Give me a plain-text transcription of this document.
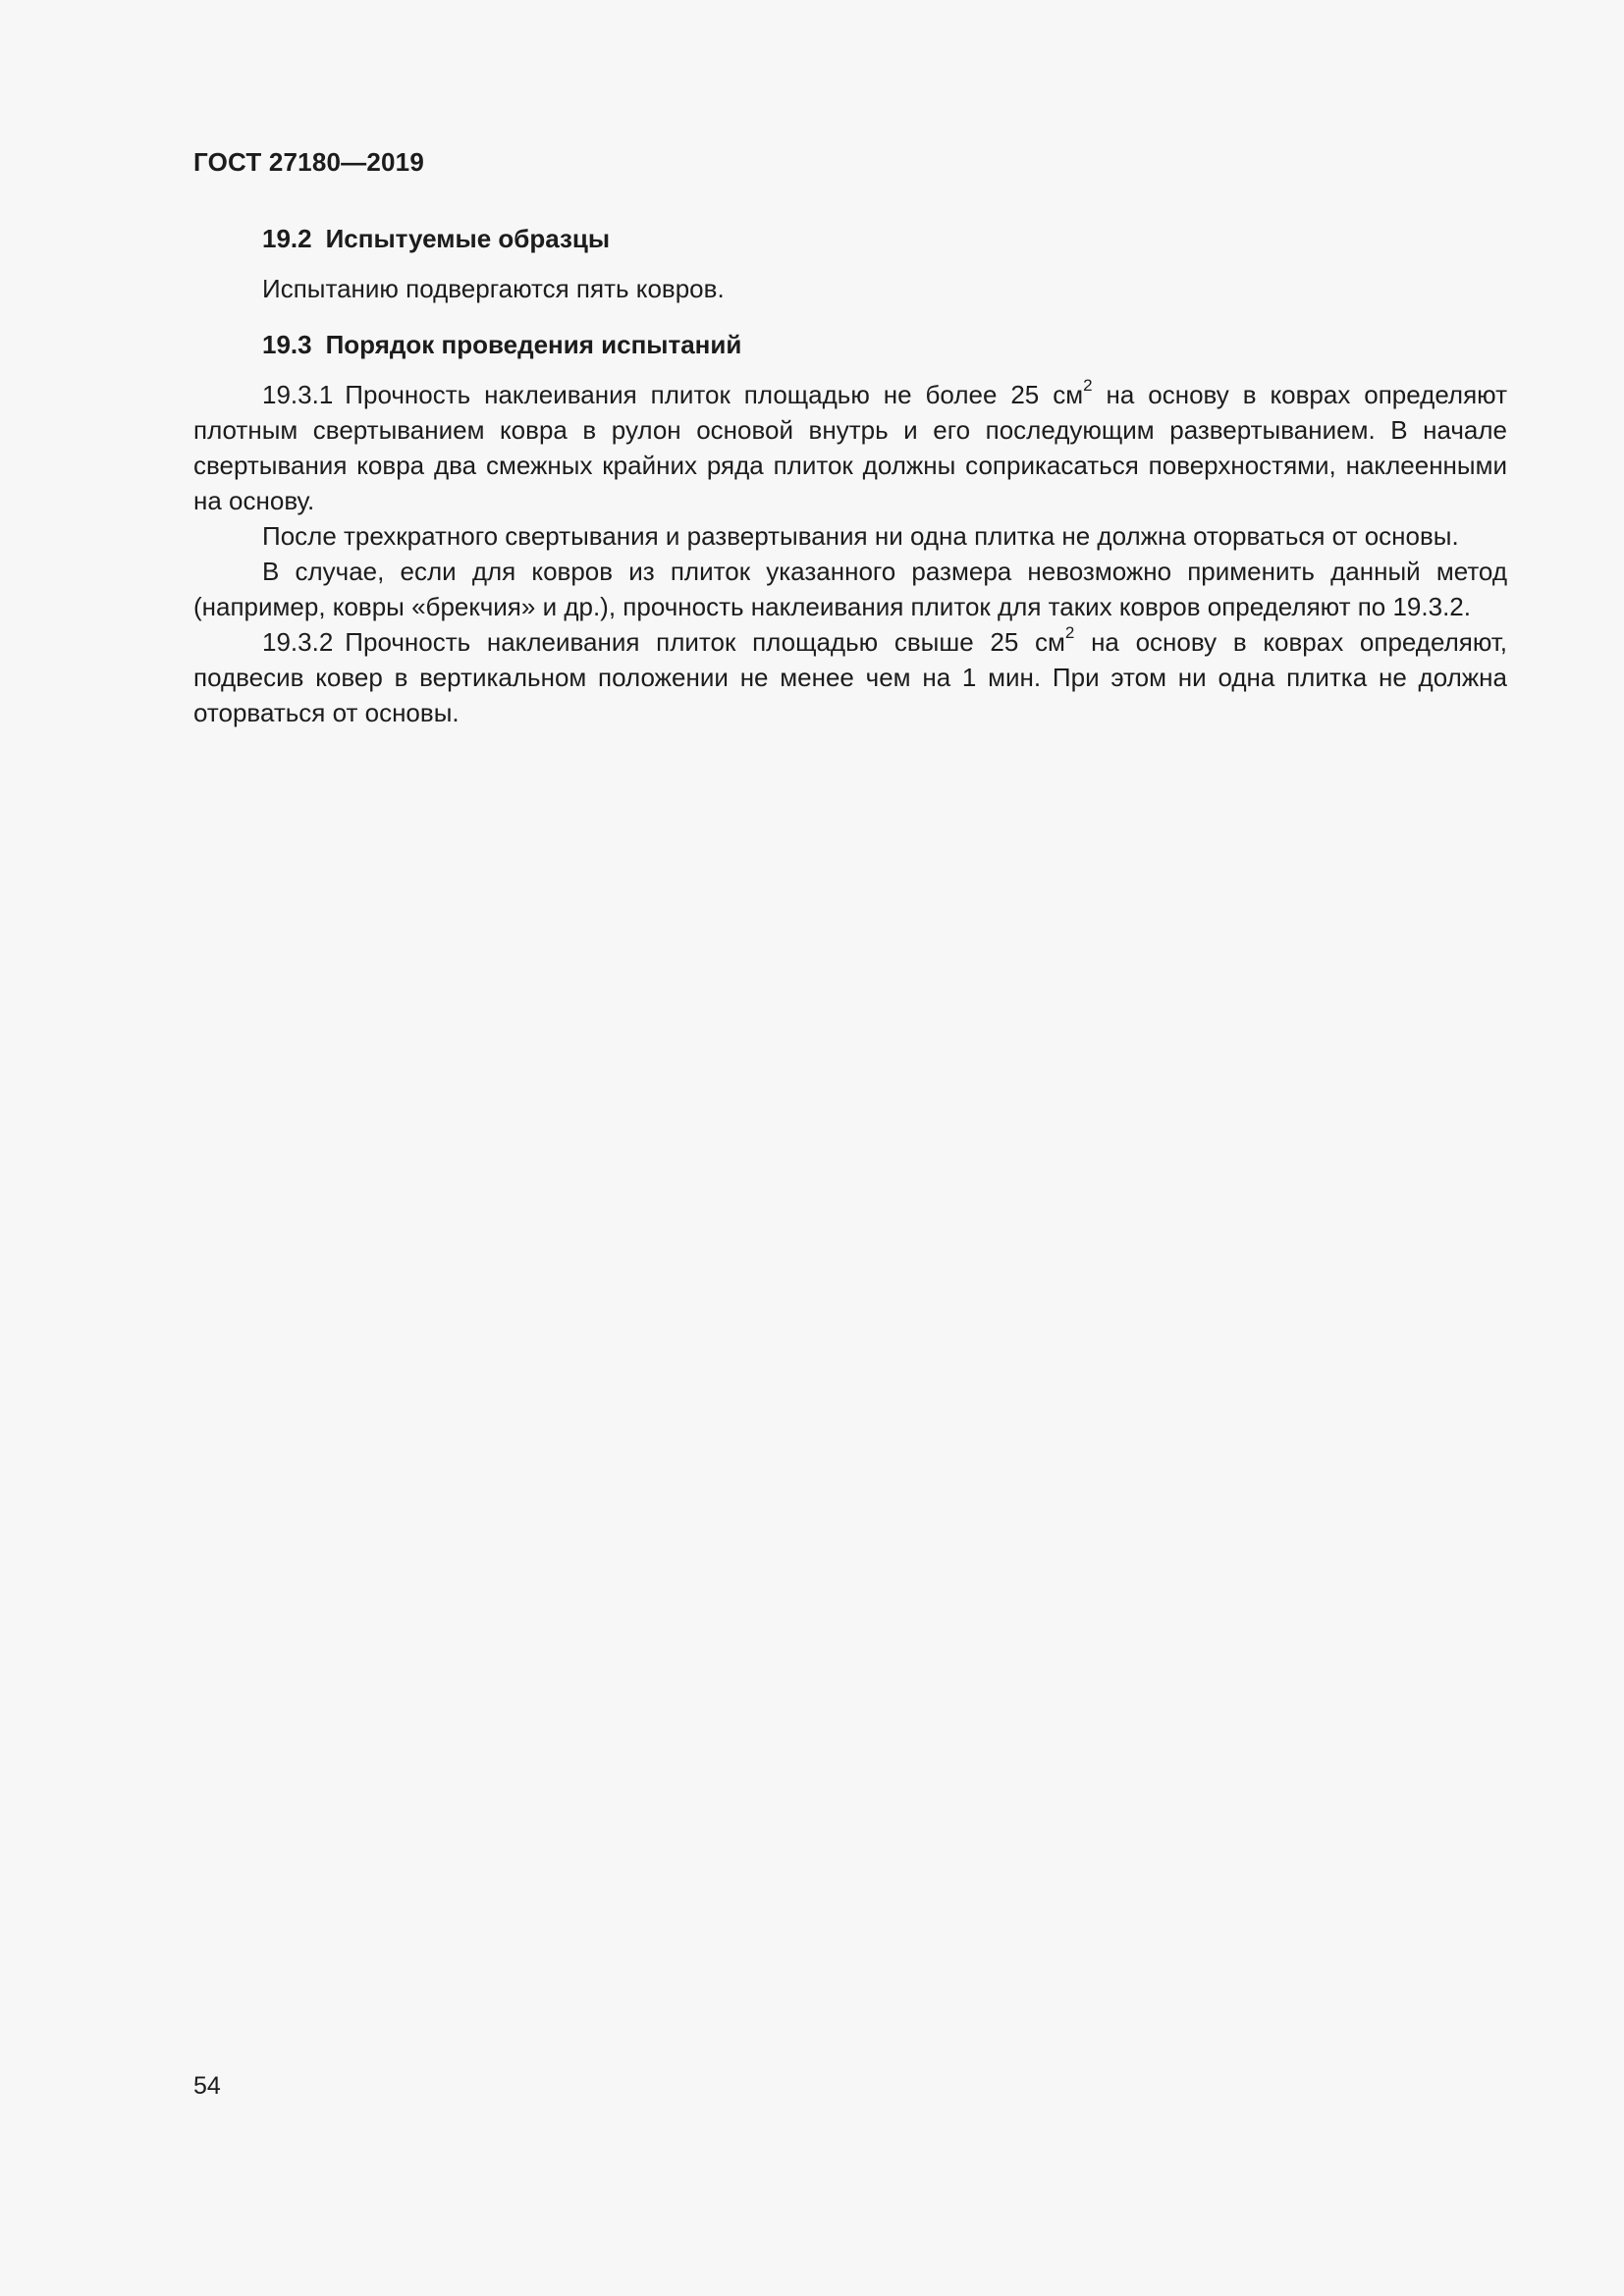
ГОСТ 27180—2019
19.2 Испытуемые образцы

Испытанию подвергаются пять ковров.

19.3 Порядок проведения испытаний

19.3.1 Прочность наклеивания плиток площадью не более 25 $см^2$ на основу в коврах определяют плотным свертыванием ковра в рулон основой внутрь и его последующим развертыванием. В начале свертывания ковра два смежных крайних ряда плиток должны соприкасаться поверхностями, наклеенными на основу.

После трехкратного свертывания и развертывания ни одна плитка не должна оторваться от основы.

В случае, если для ковров из плиток указанного размера невозможно применить данный метод (например, ковры «брекчия» и др.), прочность наклеивания плиток для таких ковров определяют по 19.3.2.

19.3.2 Прочность наклеивания плиток площадью свыше 25 $см^2$ на основу в коврах определяют, подвесив ковер в вертикальном положении не менее чем на 1 мин. При этом ни одна плитка не должна оторваться от основы.

54
